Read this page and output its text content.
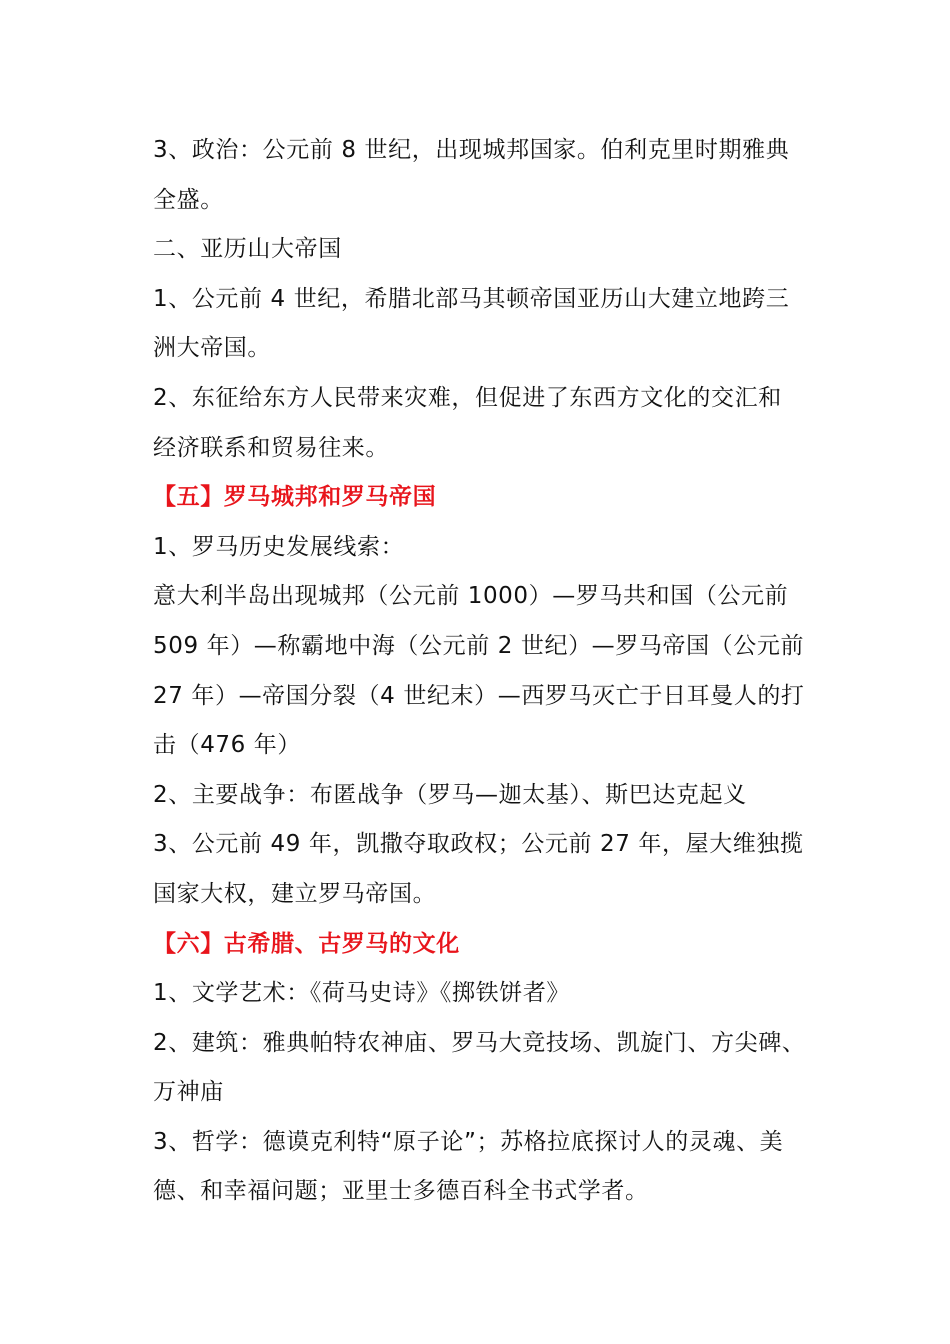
3、政治：公元前 8 世纪，出现城邦国家。伯利克里时期雅典
全盛。
二、亚历山大帝国
1、公元前 4 世纪，希腊北部马其顿帝国亚历山大建立地跨三
洲大帝国。
2、东征给东方人民带来灾难，但促进了东西方文化的交汇和
经济联系和贸易往来。
【五】罗马城邦和罗马帝国
1、罗马历史发展线索：
意大利半岛出现城邦（公元前 1000）—罗马共和国（公元前
509 年）—称霸地中海（公元前 2 世纪）—罗马帝国（公元前
27 年）—帝国分裂（4 世纪末）—西罗马灭亡于日耳曼人的打
击（476 年）
2、主要战争：布匿战争（罗马—迦太基）、斯巴达克起义
3、公元前 49 年，凯撒夺取政权；公元前 27 年，屋大维独揽
国家大权，建立罗马帝国。
【六】古希腊、古罗马的文化
1、文学艺术：《荷马史诗》《掷铁饼者》
2、建筑：雅典帕特农神庙、罗马大竞技场、凯旋门、方尖碑、
万神庙
3、哲学：德谟克利特“原子论”；苏格拉底探讨人的灵魂、美
德、和幸福问题；亚里士多德百科全书式学者。
